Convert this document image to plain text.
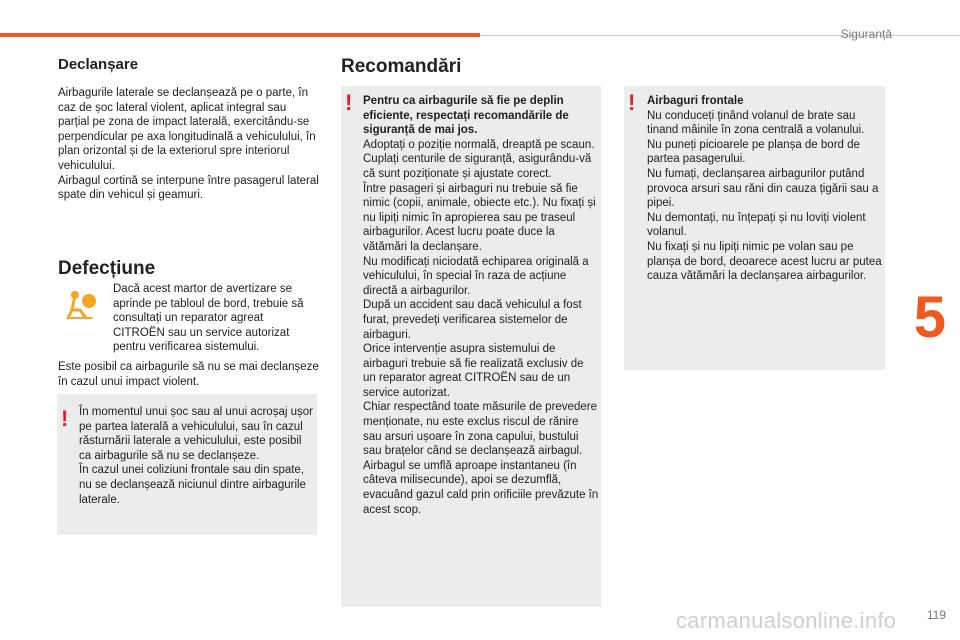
Siguranță
5
Declanșare
Airbagurile laterale se declanșează pe o parte, în caz de șoc lateral violent, aplicat integral sau parțial pe zona de impact laterală, exercitându-se perpendicular pe axa longitudinală a vehiculului, în plan orizontal și de la exteriorul spre interiorul vehiculului.
Airbagul cortină se interpune între pasagerul lateral spate din vehicul și geamuri.
Defecțiune
Dacă acest martor de avertizare se aprinde pe tabloul de bord, trebuie să consultați un reparator agreat CITROËN sau un service autorizat pentru verificarea sistemului.
Este posibil ca airbagurile să nu se mai declanșeze în cazul unui impact violent.
! În momentul unui șoc sau al unui acroșaj ușor pe partea laterală a vehiculului, sau în cazul răsturnării laterale a vehiculului, este posibil ca airbagurile să nu se declanșeze.
În cazul unei coliziuni frontale sau din spate, nu se declanșează niciunul dintre airbagurile laterale.
Recomandări
! Pentru ca airbagurile să fie pe deplin eficiente, respectați recomandările de siguranță de mai jos.
Adoptați o poziție normală, dreaptă pe scaun.
Cuplați centurile de siguranță, asigurându-vă că sunt poziționate și ajustate corect.
Între pasageri și airbaguri nu trebuie să fie nimic (copii, animale, obiecte etc.). Nu fixați și nu lipiți nimic în apropierea sau pe traseul airbagurilor. Acest lucru poate duce la vătămări la declanșare.
Nu modificați niciodată echiparea originală a vehiculului, în special în raza de acțiune directă a airbagurilor.
După un accident sau dacă vehiculul a fost furat, prevedeți verificarea sistemelor de airbaguri.
Orice intervenție asupra sistemului de airbaguri trebuie să fie realizată exclusiv de un reparator agreat CITROËN sau de un service autorizat.
Chiar respectând toate măsurile de prevedere menționate, nu este exclus riscul de rănire sau arsuri ușoare în zona capului, bustului sau brațelor când se declanșează airbagul. Airbagul se umflă aproape instantaneu (în câteva milisecunde), apoi se dezumflă, evacuând gazul cald prin orificiile prevăzute în acest scop.
! Airbaguri frontale
Nu conduceți ținând volanul de brate sau tinand mâinile în zona centrală a volanului.
Nu puneți picioarele pe planșa de bord de partea pasagerului.
Nu fumați, declanșarea airbagurilor putând provoca arsuri sau răni din cauza țigării sau a pipei.
Nu demontați, nu înțepați și nu loviți violent volanul.
Nu fixați și nu lipiți nimic pe volan sau pe planșa de bord, deoarece acest lucru ar putea cauza vătămări la declanșarea airbagurilor.
carmanualsonline.info	119
